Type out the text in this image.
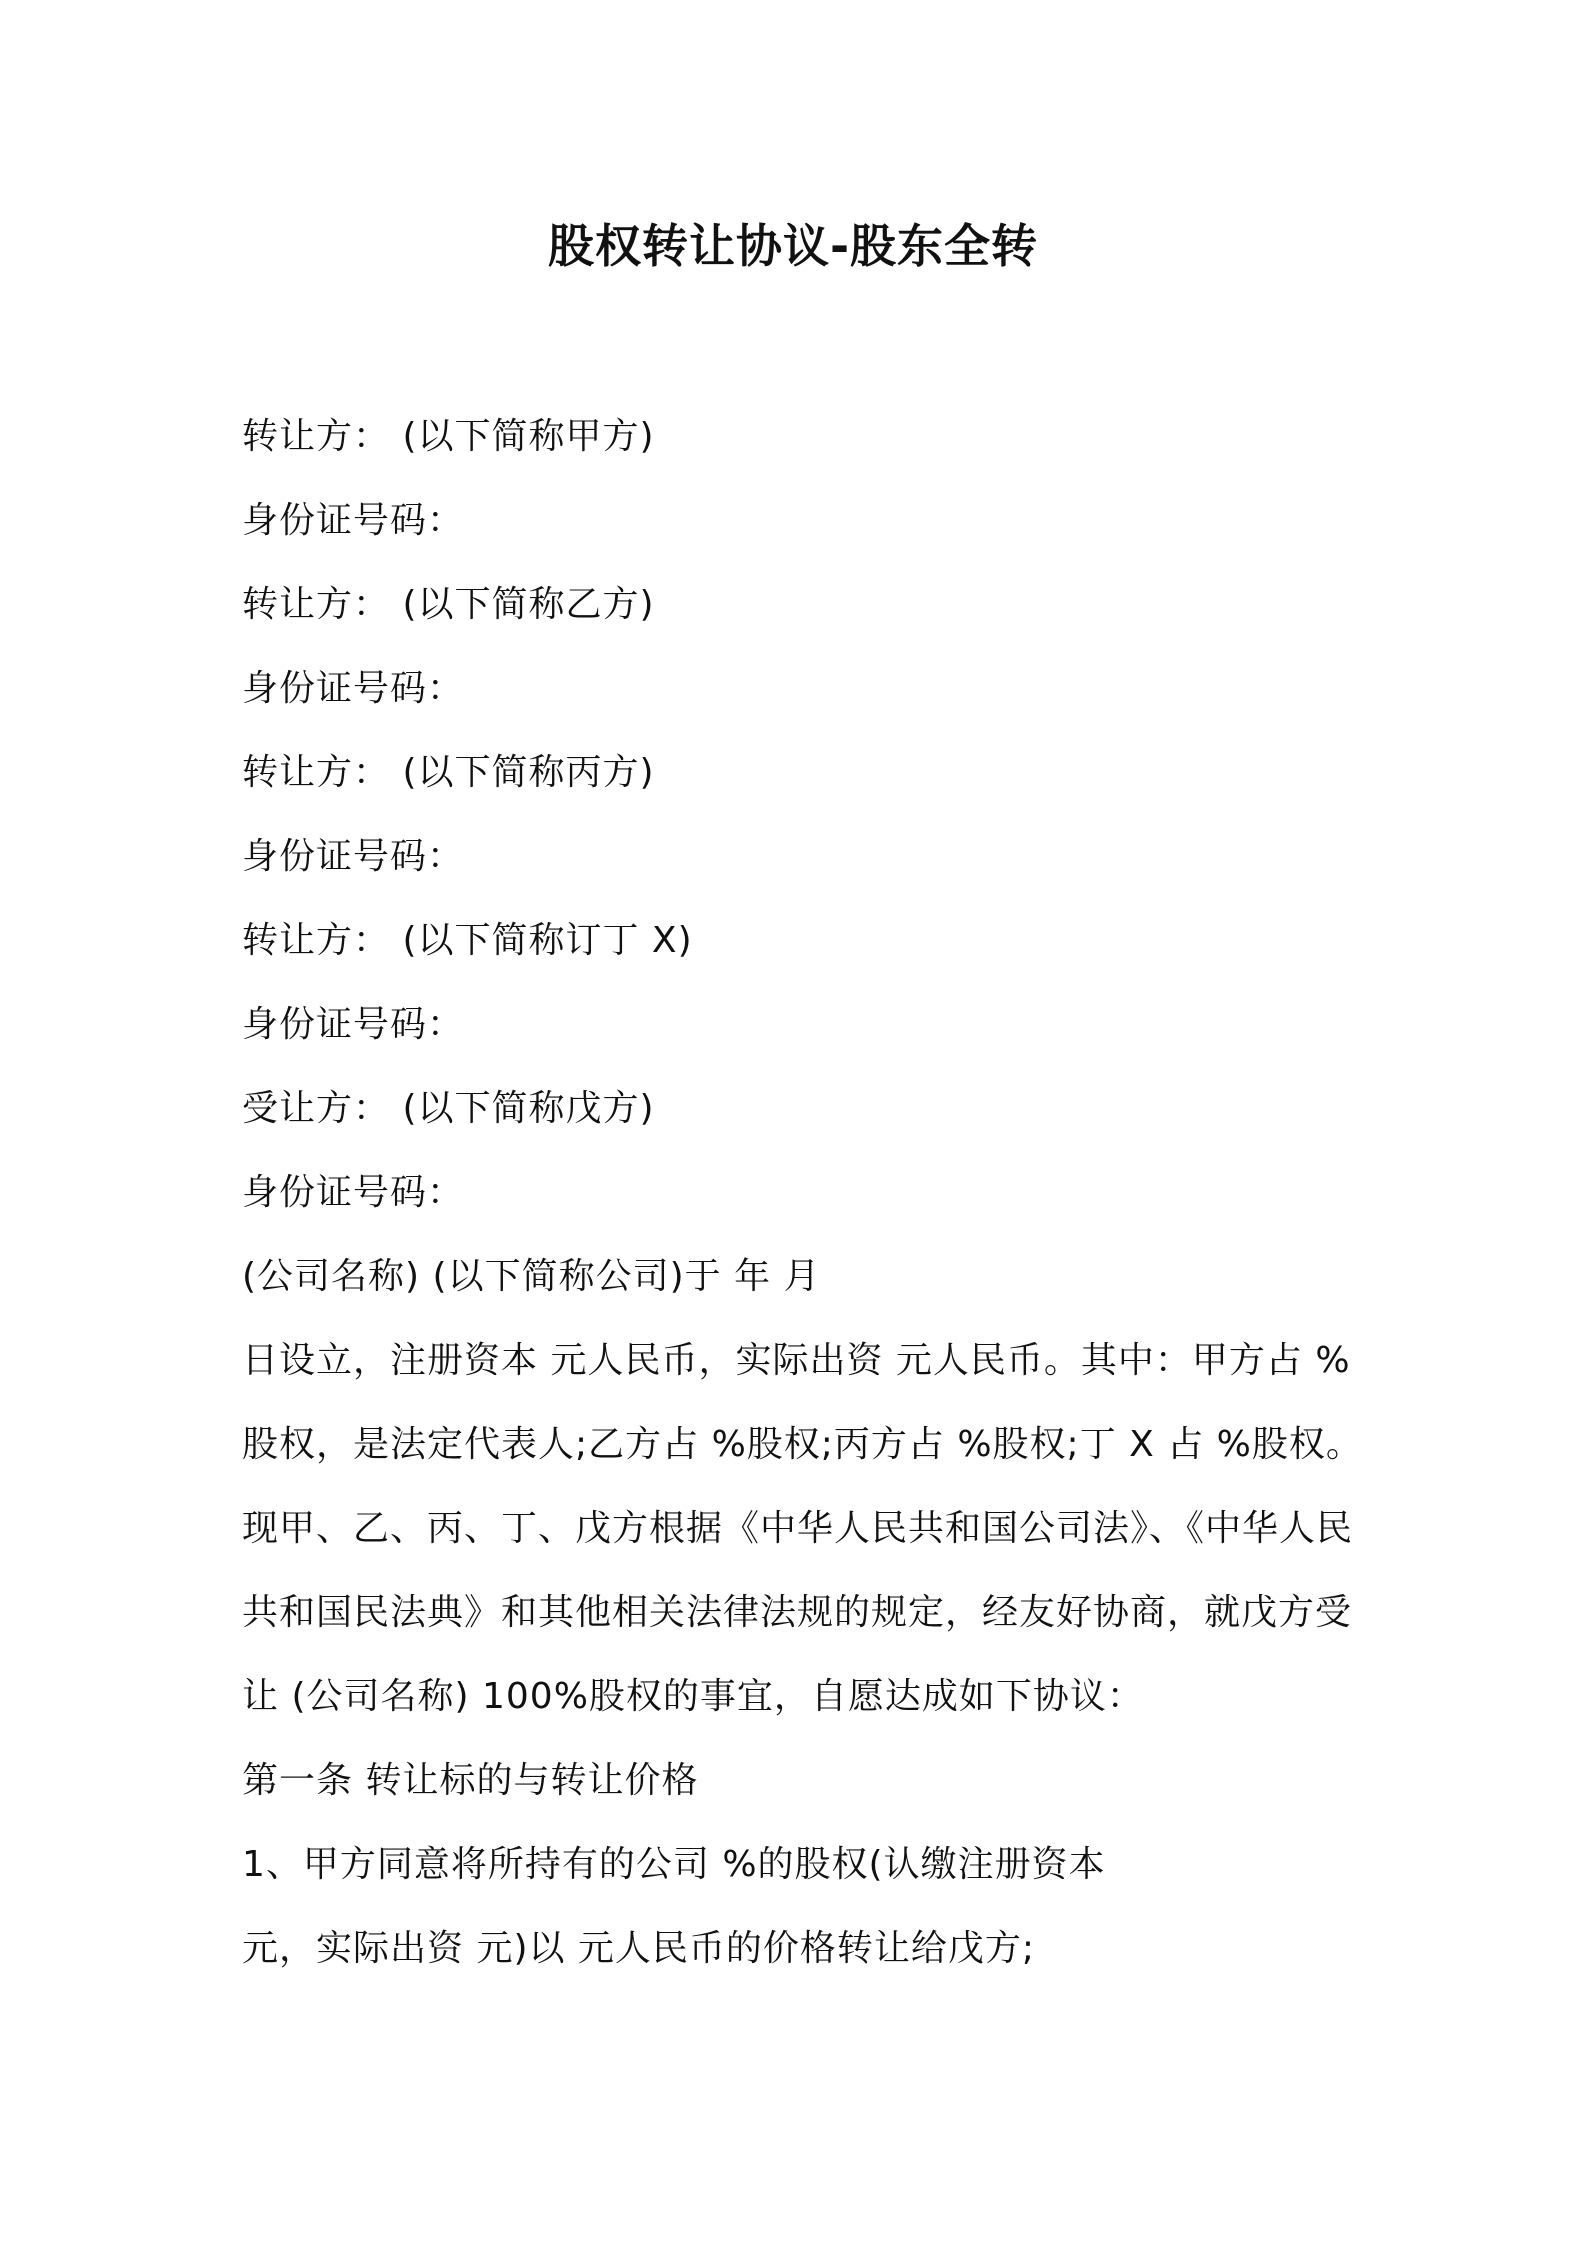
股权转让协议-股东全转
转让方： (以下简称甲方)
身份证号码：
转让方： (以下简称乙方)
身份证号码：
转让方： (以下简称丙方)
身份证号码：
转让方： (以下简称订丁 X)
身份证号码：
受让方： (以下简称戊方)
身份证号码：
(公司名称) (以下简称公司)于 年 月
日设立，注册资本 元人民币，实际出资 元人民币。其中：甲方占 %
股权，是法定代表人;乙方占 %股权;丙方占 %股权;丁 X 占 %股权。
现甲、乙、丙、丁、戊方根据《中华人民共和国公司法》、《中华人民
共和国民法典》和其他相关法律法规的规定，经友好协商，就戊方受
让 (公司名称) 100%股权的事宜，自愿达成如下协议：
第一条 转让标的与转让价格
1、甲方同意将所持有的公司 %的股权(认缴注册资本
元，实际出资 元)以 元人民币的价格转让给戊方;
